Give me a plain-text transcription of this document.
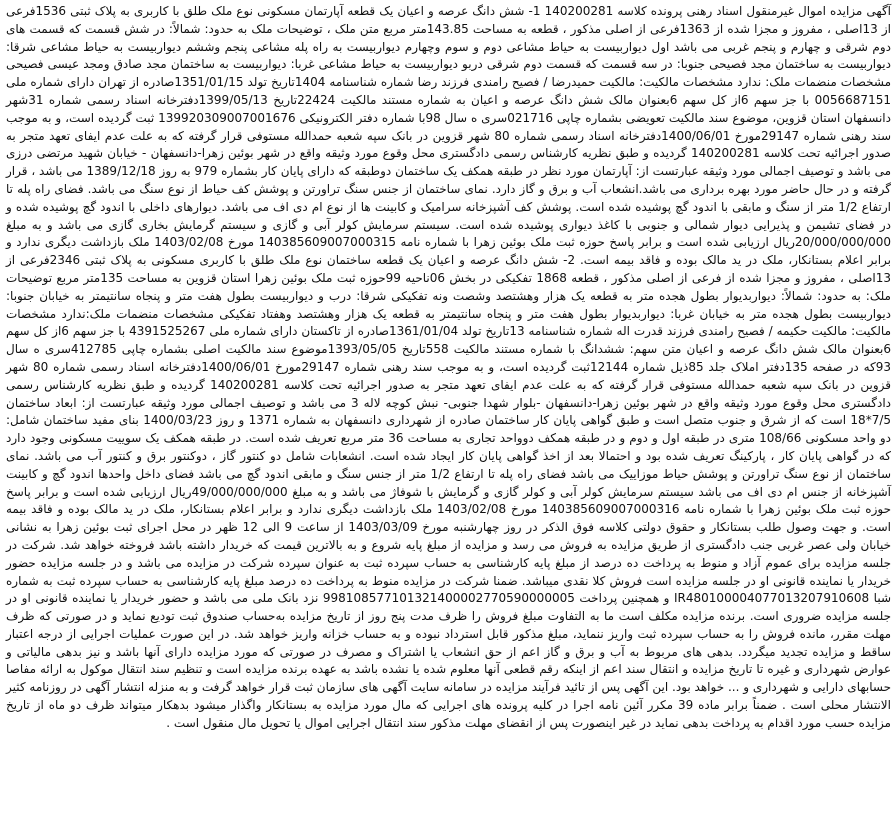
آگهی مزایده اموال غیرمنقول اسناد رهنی پرونده کلاسه 140200281 1- شش دانگ عرصه و اعیان یک قطعه آپارتمان مسکونی نوع ملک طلق با کاربری به پلاک ثبتی 1536فرعی از 13اصلی ، مفروز و مجزا شده از 1363فرعی از اصلی مذکور ، قطعه به مساحت 143.85متر مربع متن ملک ، توضیحات ملک به حدود: شمالاً: در شش قسمت که قسمت های دوم شرقی و چهارم و پنجم غربی می باشد اول دیواربیست به حیاط مشاعی دوم و سوم وچهارم دیواربیست به راه پله مشاعی پنجم وششم دیواربیست به حیاط مشاعی شرقا: دیواربیست به ساختمان مجد فصیحی جنوبا: در سه قسمت که قسمت دوم شرقی دربو دیواربیست به حیاط مشاعی غربا: دیواربیست به ساختمان مجد صادق ومجد عیسی فصیحی مشخصات منضمات ملک: ندارد مشخصات مالکیت: مالکیت حمیدرضا / فصیح رامندی فرزند رضا شماره شناسنامه 1404تاریخ تولد 1351/01/15صادره از تهران دارای شماره ملی 0056687151 با جز سهم 6از کل سهم 6بعنوان مالک شش دانگ عرصه و اعیان به شماره مستند مالکیت 22424تاریخ 1399/05/13دفترخانه اسناد رسمی شماره 31شهر دانسفهان استان قزوین، موضوع سند مالکیت تعویضی بشماره چاپی 021716سری ه سال 98با شماره دفتر الکترونیکی 139920309007001676 ثبت گردیده است، و به موجب سند رهنی شماره 29147مورخ 1400/06/01دفترخانه اسناد رسمی شماره 80 شهر قزوین در بانک سپه شعبه حمدالله مستوفی قرار گرفته که به علت عدم ایفای تعهد متجر به صدور اجرائیه تحت کلاسه 140200281 گردیده و طبق نظریه کارشناس رسمی دادگستری محل وقوع مورد وثیقه واقع در شهر بوئین زهرا-دانسفهان - خیابان شهید مرتضی درزی می باشد و توصیف اجمالی مورد وثیقه عبارتست از: آپارتمان مورد نظر در طبقه همکف یک ساختمان دوطبقه که دارای پایان کار بشماره 979 به روز 1389/12/18 می باشد ، قرار گرفته و در حال حاضر مورد بهره برداری می باشد.انشعاب آب و برق و گاز دارد. نمای ساختمان از جنس سنگ تراورتن و پوشش کف حیاط از نوع سنگ می باشد. فضای راه پله تا ارتفاع 1/2 متر از سنگ و مابقی با اندود گچ پوشیده شده است. پوشش کف آشپزخانه سرامیک و کابینت ها از نوع ام دی اف می باشد. دیوارهای داخلی با اندود گچ پوشیده شده و در فضای تشیمن و پذیرایی دیوار شمالی و جنوبی با کاغذ دیواری پوشیده شده است. سیستم سرمایش کولر آبی و گازی و سیستم گرمایش بخاری گازی می باشد و به مبلغ 20/000/000/000ریال ارزیابی شده است و برابر پاسخ حوزه ثبت ملک بوئین زهرا با شماره نامه 140385609007000315 مورخ 1403/02/08 ملک بازداشت دیگری ندارد و برابر اعلام بستانکار، ملک در ید مالک بوده و فاقد بیمه است. 2- شش دانگ عرصه و اعیان یک قطعه ساختمان نوع ملک طلق با کاربری مسکونی به پلاک ثبتی 2346فرعی از 13اصلی ، مفروز و مجزا شده از فرعی از اصلی مذکور ، قطعه 1868 تفکیکی در بخش 06ناحیه 99حوزه ثبت ملک بوئین زهرا استان قزوین به مساحت 135متر مربع توضیحات ملک: به حدود: شمالاً: دیواربدیوار بطول هجده متر به قطعه یک هزار وهشتصد وشصت ونه تفکیکی شرقا: درب و دیواربیست بطول هفت متر و پنجاه سانتیمتر به خیابان جنوبا: دیواربیست بطول هجده متر به خیابان غربا: دیواربدیوار بطول هفت متر و پنجاه سانتیمتر به قطعه یک هزار وهشتصد وهفتاد تفکیکی مشخصات منضمات ملک:ندارد مشخصات مالکیت: مالکیت حکیمه / فصیح رامندی فرزند قدرت اله شماره شناسنامه 13تاریخ تولد 1361/01/04صادره از تاکستان دارای شماره ملی 4391525267 با جز سهم 6از کل سهم 6بعنوان مالک شش دانگ عرصه و اعیان متن سهم: ششدانگ با شماره مستند مالکیت 558تاریخ 1393/05/05موضوع سند مالکیت اصلی بشماره چاپی 412785سری ه سال 93که در صفحه 135دفتر املاک جلد 85ذیل شماره 12144ثبت گردیده است، و به موجب سند رهنی شماره 29147مورخ 1400/06/01دفترخانه اسناد رسمی شماره 80 شهر قزوین در بانک سپه شعبه حمدالله مستوفی قرار گرفته که به علت عدم ایفای تعهد متجر به صدور اجرائیه تحت کلاسه 140200281 گردیده و طبق نظریه کارشناس رسمی دادگستری محل وقوع مورد وثیقه واقع در شهر بوئین زهرا-دانسفهان -بلوار شهدا جنوبی- نبش کوچه لاله 3 می باشد و توصیف اجمالی مورد وثیقه عبارتست از: ابعاد ساختمان 7/5*18 است که از شرق و جنوب متصل است و طبق گواهی پایان کار ساختمان صادره از شهرداری دانسفهان به شماره 1371 و روز 1400/03/23 بنای مفید ساختمان شامل: دو واحد مسکونی 108/66 متری در طبقه اول و دوم و در طبقه همکف دوواحد تجاری به مساحت 36 متر مربع تعریف شده است. در طبقه همکف یک سوییت مسکونی وجود دارد که در گواهی پایان کار ، پارکینگ تعریف شده بود و احتمالا بعد از اخذ گواهی پایان کار ایجاد شده است. انشعابات شامل دو کنتور گاز ، دوکنتور برق و کنتور آب می باشد. نمای ساختمان از نوع سنگ تراورتن و پوشش حیاط موزاییک می باشد فضای راه پله تا ارتفاع 1/2 متر از جنس سنگ و مابقی اندود گچ می باشد فضای داخل واحدها اندود گچ و کابینت آشپزخانه از جنس ام دی اف می باشد سیستم سرمایش کولر آبی و کولر گازی و گرمایش با شوفاژ می باشد و به مبلغ 49/000/000/000ریال ارزیابی شده است و برابر پاسخ حوزه ثبت ملک بوئین زهرا با شماره نامه 140385609007000316 مورخ 1403/02/08 ملک بازداشت دیگری ندارد و برابر اعلام بستانکار، ملک در ید مالک بوده و فاقد بیمه است. و جهت وصول طلب بستانکار و حقوق دولتی کلاسه فوق الذکر در روز چهارشنبه مورخ 1403/03/09 از ساعت 9 الی 12 ظهر در محل اجرای ثبت بوئین زهرا به نشانی خیابان ولی عصر غربی جنب دادگستری از طریق مزایده به فروش می رسد و مزایده از مبلغ پایه شروع و به بالاترین قیمت که خریدار داشته باشد فروخته خواهد شد. شرکت در جلسه مزایده برای عموم آزاد و منوط به پرداخت ده درصد از مبلغ پایه کارشناسی به حساب سپرده ثبت به عنوان سپرده شرکت در مزایده می باشد و در جلسه مزایده حضور خریدار یا نماینده قانونی او در جلسه مزایده است فروش کلا نقدی میباشد. ضمنا شرکت در مزایده منوط به پرداخت ده درصد مبلغ پایه کارشناسی به حساب سپرده ثبت به شماره شبا IR480100004077013207910608 و همچنین پرداخت 998108577101321400002770590000005 نزد بانک ملی می باشد و حضور خریدار یا نماینده قانونی او در جلسه مزایده ضروری است. برنده مزایده مکلف است ما به التفاوت مبلغ فروش را ظرف مدت پنج روز از تاریخ مزایده به‌حساب صندوق ثبت تودیع نماید و در صورتی که ظرف مهلت مقرر، مانده فروش را به حساب سپرده ثبت واریز ننماید، مبلغ مذکور قابل استرداد نبوده و به حساب خزانه واریز خواهد شد. در این صورت عملیات اجرایی از درجه اعتبار ساقط و مزایده تجدید میگردد. بدهی های مربوط به آب و برق و گاز اعم از حق انشعاب یا اشتراک و مصرف در صورتی که مورد مزایده دارای آنها باشد و نیز بدهی مالیاتی و عوارض شهرداری و غیره تا تاریخ مزایده و انتقال سند اعم از اینکه رقم قطعی آنها معلوم شده یا نشده باشد به عهده برنده مزایده است و تنظیم سند انتقال موکول به ارائه مفاصا حسابهای دارایی و شهرداری و ... خواهد بود. این آگهی پس از تائید فرآیند مزایده در سامانه سایت آگهی های سازمان ثبت قرار خواهد گرفت و به منزله انتشار آگهی در روزنامه کثیر الانتشار محلی است . ضمناً برابر ماده 39 مکرر آئین نامه اجرا در کلیه پرونده های اجرایی که مال مورد مزایده به بستانکار واگذار میشود بدهکار میتواند ظرف دو ماه از تاریخ مزایده حسب مورد اقدام به پرداخت بدهی نماید در غیر اینصورت پس از انقضای مهلت مذکور سند انتقال اجرایی اموال یا تحویل مال منقول است .
